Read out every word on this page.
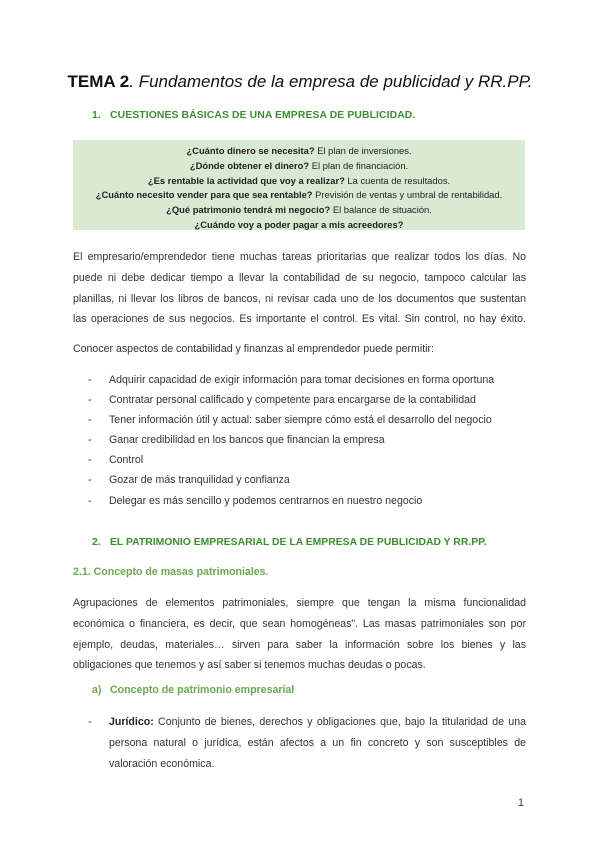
TEMA 2. Fundamentos de la empresa de publicidad y RR.PP.
1. CUESTIONES BÁSICAS DE UNA EMPRESA DE PUBLICIDAD.
¿Cuánto dinero se necesita? El plan de inversiones.
¿Dónde obtener el dinero? El plan de financiación.
¿Es rentable la actividad que voy a realizar? La cuenta de resultados.
¿Cuánto necesito vender para que sea rentable? Previsión de ventas y umbral de rentabilidad.
¿Qué patrimonio tendrá mi negocio? El balance de situación.
¿Cuándo voy a poder pagar a mis acreedores?
El empresario/emprendedor tiene muchas tareas prioritarias que realizar todos los días. No
puede ni debe dedicar tiempo a llevar la contabilidad de su negocio, tampoco calcular las
planillas, ni llevar los libros de bancos, ni revisar cada uno de los documentos que sustentan
las operaciones de sus negocios. Es importante el control. Es vital. Sin control, no hay éxito.
Conocer aspectos de contabilidad y finanzas al emprendedor puede permitir:
- Adquirir capacidad de exigir información para tomar decisiones en forma oportuna
- Contratar personal calificado y competente para encargarse de la contabilidad
- Tener información útil y actual: saber siempre cómo está el desarrollo del negocio
- Ganar credibilidad en los bancos que financian la empresa
- Control
- Gozar de más tranquilidad y confianza
- Delegar es más sencillo y podemos centrarnos en nuestro negocio
2. EL PATRIMONIO EMPRESARIAL DE LA EMPRESA DE PUBLICIDAD Y RR.PP.
2.1. Concepto de masas patrimoniales.
Agrupaciones de elementos patrimoniales, siempre que tengan la misma funcionalidad
económica o financiera, es decir, que sean homogéneas”. Las masas patrimoniales son por
ejemplo, deudas, materiales… sirven para saber la información sobre los bienes y las
obligaciones que tenemos y así saber si tenemos muchas deudas o pocas.
a) Concepto de patrimonio empresarial
- Jurídico: Conjunto de bienes, derechos y obligaciones que, bajo la titularidad de una persona natural o jurídica, están afectos a un fin concreto y son susceptibles de valoración económica.
1
